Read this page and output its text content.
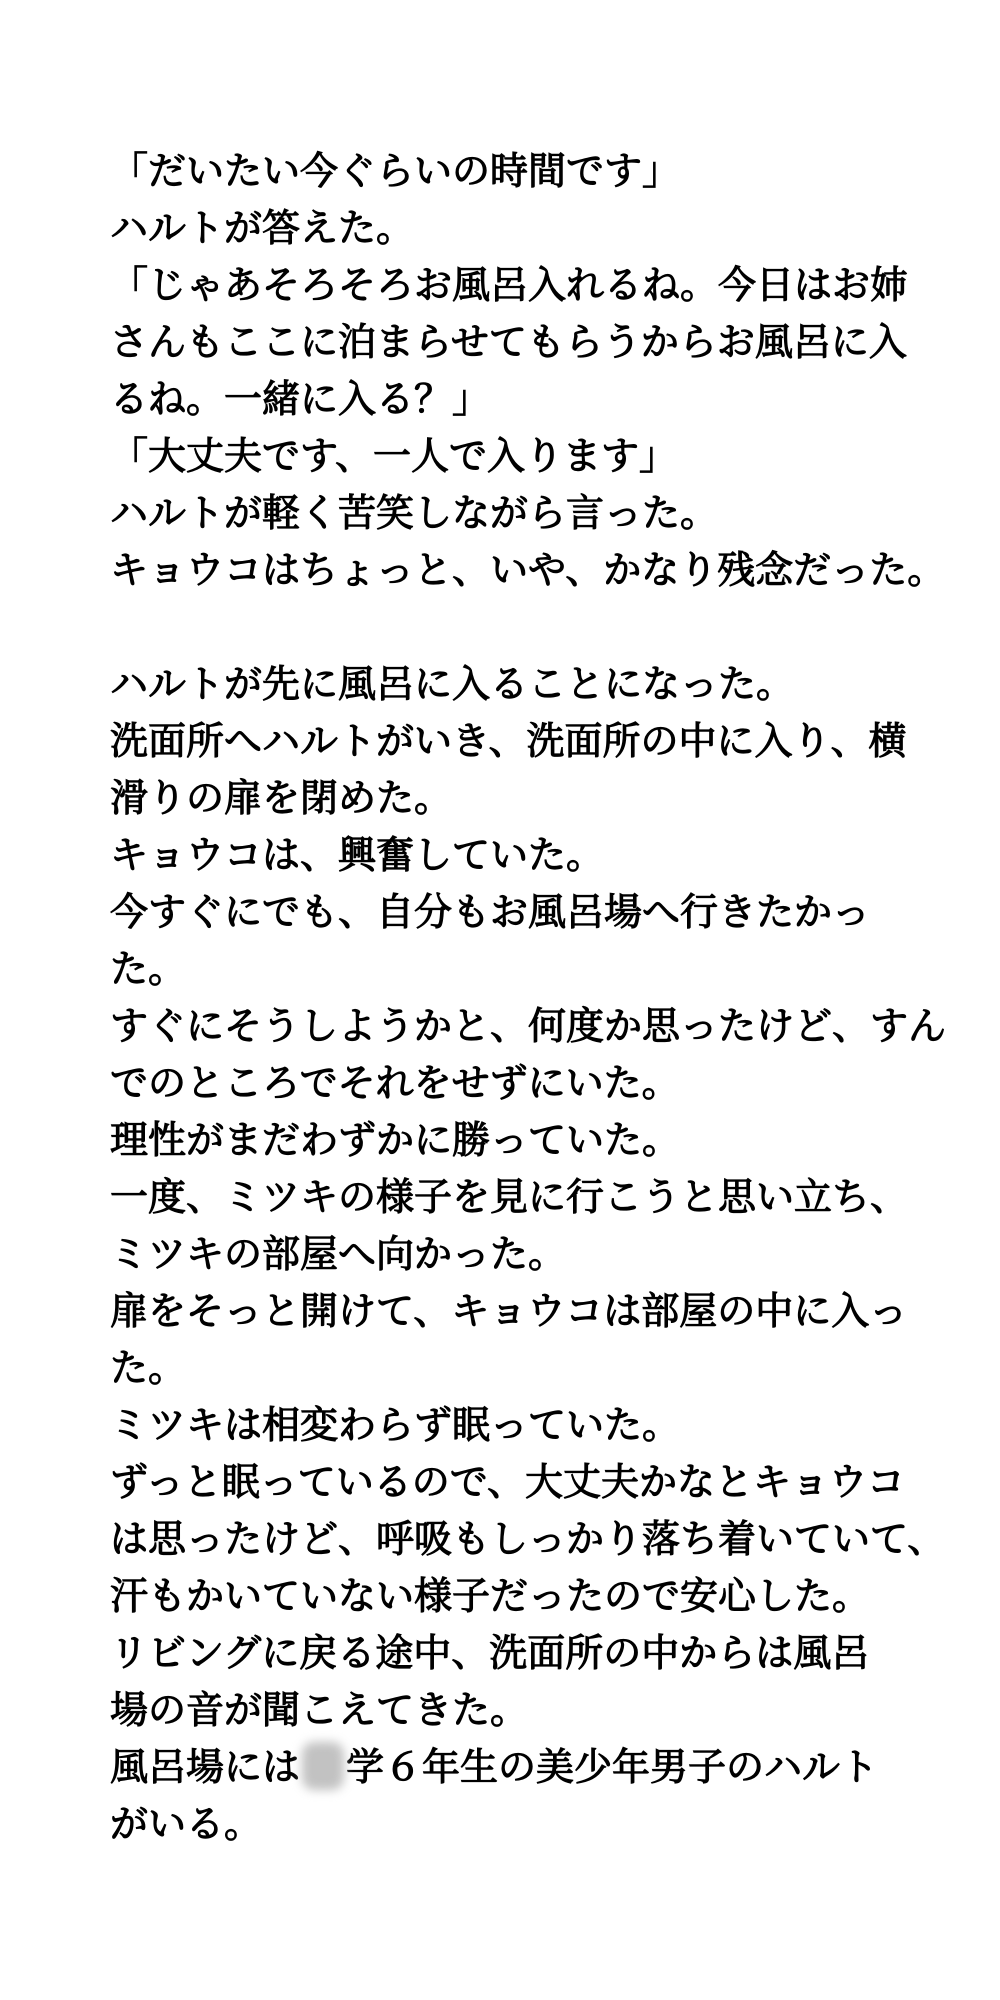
「だいたい今ぐらいの時間です」
ハルトが答えた。
「じゃあそろそろお風呂入れるね。今日はお姉
さんもここに泊まらせてもらうからお風呂に入
るね。一緒に入る？」
「大丈夫です、一人で入ります」
ハルトが軽く苦笑しながら言った。
キョウコはちょっと、いや、かなり残念だった。
ハルトが先に風呂に入ることになった。
洗面所へハルトがいき、洗面所の中に入り、横
滑りの扉を閉めた。
キョウコは、興奮していた。
今すぐにでも、自分もお風呂場へ行きたかっ
た。
すぐにそうしようかと、何度か思ったけど、すん
でのところでそれをせずにいた。
理性がまだわずかに勝っていた。
一度、ミツキの様子を見に行こうと思い立ち、
ミツキの部屋へ向かった。
扉をそっと開けて、キョウコは部屋の中に入っ
た。
ミツキは相変わらず眠っていた。
ずっと眠っているので、大丈夫かなとキョウコ
は思ったけど、呼吸もしっかり落ち着いていて、
汗もかいていない様子だったので安心した。
リビングに戻る途中、洗面所の中からは風呂
場の音が聞こえてきた。
風呂場には 学６年生の美少年男子のハルト
がいる。
